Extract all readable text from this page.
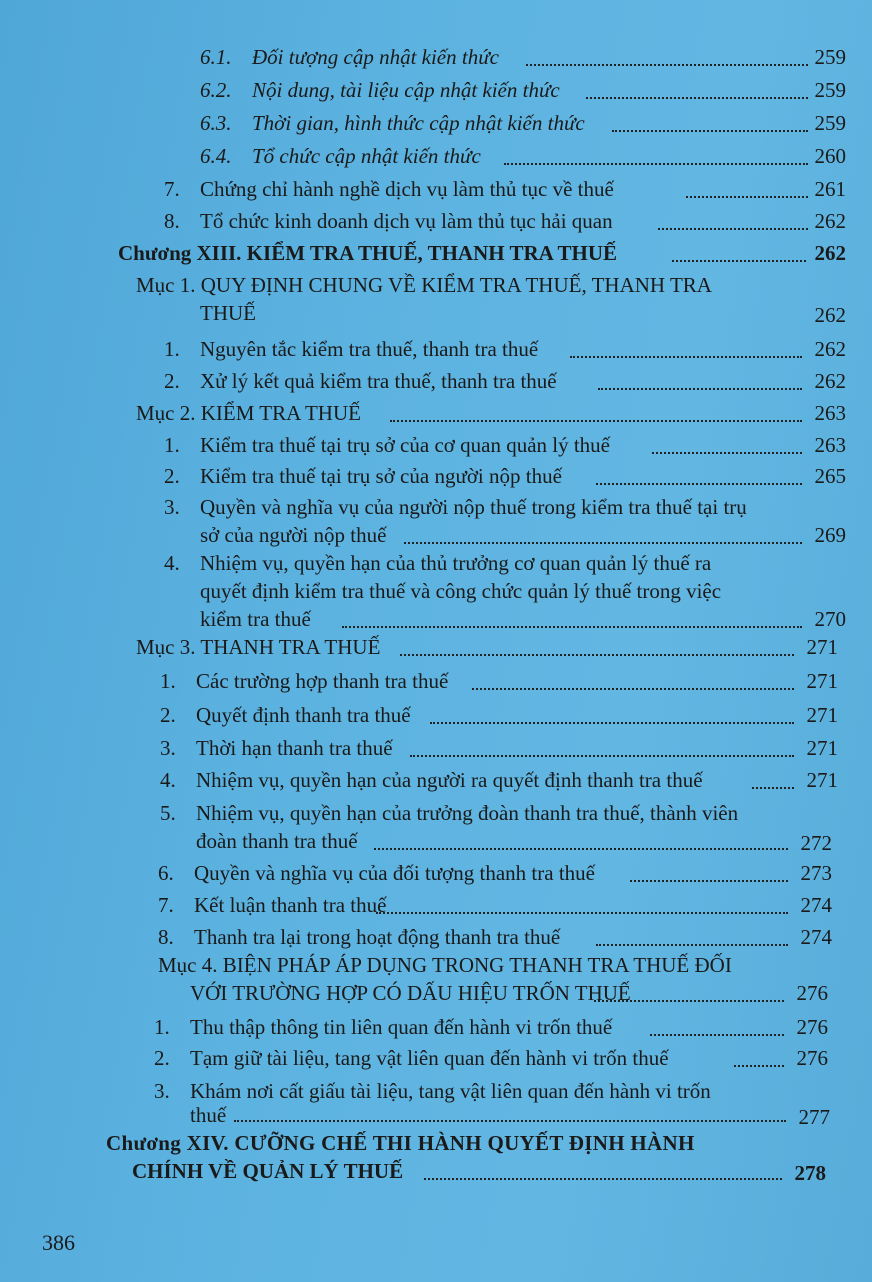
6.1. Đối tượng cập nhật kiến thức	259
6.2. Nội dung, tài liệu cập nhật kiến thức	259
6.3. Thời gian, hình thức cập nhật kiến thức	259
6.4. Tổ chức cập nhật kiến thức	260
7. Chứng chỉ hành nghề dịch vụ làm thủ tục về thuế	261
8. Tổ chức kinh doanh dịch vụ làm thủ tục hải quan	262
Chương XIII. KIỂM TRA THUẾ, THANH TRA THUẾ	262
Mục 1. QUY ĐỊNH CHUNG VỀ KIỂM TRA THUẾ, THANH TRA
THUẾ	262
1. Nguyên tắc kiểm tra thuế, thanh tra thuế	262
2. Xử lý kết quả kiểm tra thuế, thanh tra thuế	262
Mục 2. KIỂM TRA THUẾ	263
1. Kiểm tra thuế tại trụ sở của cơ quan quản lý thuế	263
2. Kiểm tra thuế tại trụ sở của người nộp thuế	265
3. Quyền và nghĩa vụ của người nộp thuế trong kiểm tra thuế tại trụ
sở của người nộp thuế	269
4. Nhiệm vụ, quyền hạn của thủ trưởng cơ quan quản lý thuế ra
quyết định kiểm tra thuế và công chức quản lý thuế trong việc
kiểm tra thuế	270
Mục 3. THANH TRA THUẾ	271
1. Các trường hợp thanh tra thuế	271
2. Quyết định thanh tra thuế	271
3. Thời hạn thanh tra thuế	271
4. Nhiệm vụ, quyền hạn của người ra quyết định thanh tra thuế	271
5. Nhiệm vụ, quyền hạn của trưởng đoàn thanh tra thuế, thành viên
đoàn thanh tra thuế	272
6. Quyền và nghĩa vụ của đối tượng thanh tra thuế	273
7. Kết luận thanh tra thuế	274
8. Thanh tra lại trong hoạt động thanh tra thuế	274
Mục 4. BIỆN PHÁP ÁP DỤNG TRONG THANH TRA THUẾ ĐỐI
VỚI TRƯỜNG HỢP CÓ DẤU HIỆU TRỐN THUẾ	276
1. Thu thập thông tin liên quan đến hành vi trốn thuế	276
2. Tạm giữ tài liệu, tang vật liên quan đến hành vi trốn thuế	276
3. Khám nơi cất giấu tài liệu, tang vật liên quan đến hành vi trốn
thuế	277
Chương XIV. CƯỠNG CHẾ THI HÀNH QUYẾT ĐỊNH HÀNH
CHÍNH VỀ QUẢN LÝ THUẾ	278
386
